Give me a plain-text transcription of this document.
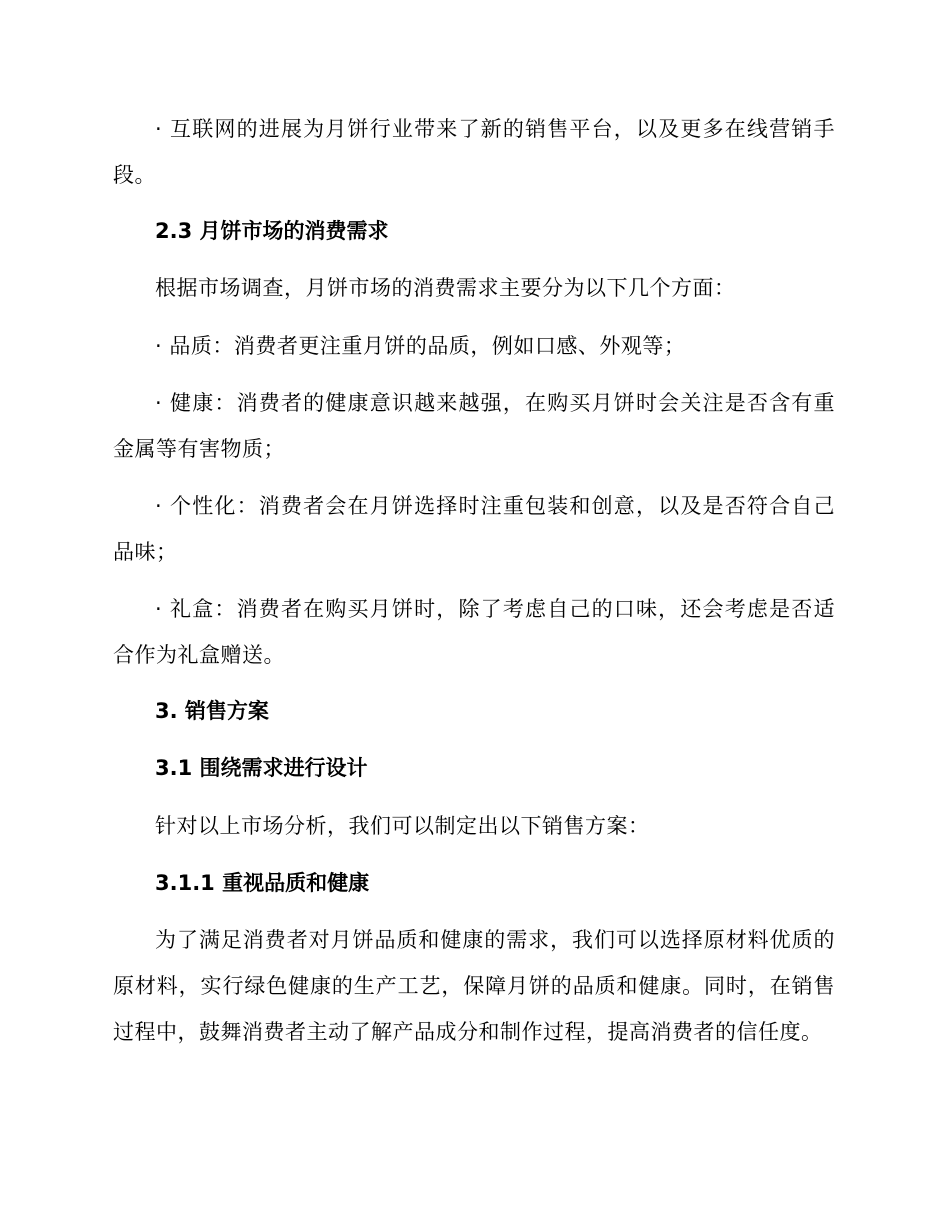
· 互联网的进展为月饼行业带来了新的销售平台，以及更多在线营销手段。

2.3 月饼市场的消费需求

根据市场调查，月饼市场的消费需求主要分为以下几个方面：

· 品质：消费者更注重月饼的品质，例如口感、外观等；

· 健康：消费者的健康意识越来越强，在购买月饼时会关注是否含有重金属等有害物质；

· 个性化：消费者会在月饼选择时注重包装和创意，以及是否符合自己品味；

· 礼盒：消费者在购买月饼时，除了考虑自己的口味，还会考虑是否适合作为礼盒赠送。

3. 销售方案
3.1 围绕需求进行设计

针对以上市场分析，我们可以制定出以下销售方案：

3.1.1 重视品质和健康

为了满足消费者对月饼品质和健康的需求，我们可以选择原材料优质的原材料，实行绿色健康的生产工艺，保障月饼的品质和健康。同时，在销售过程中，鼓舞消费者主动了解产品成分和制作过程，提高消费者的信任度。
